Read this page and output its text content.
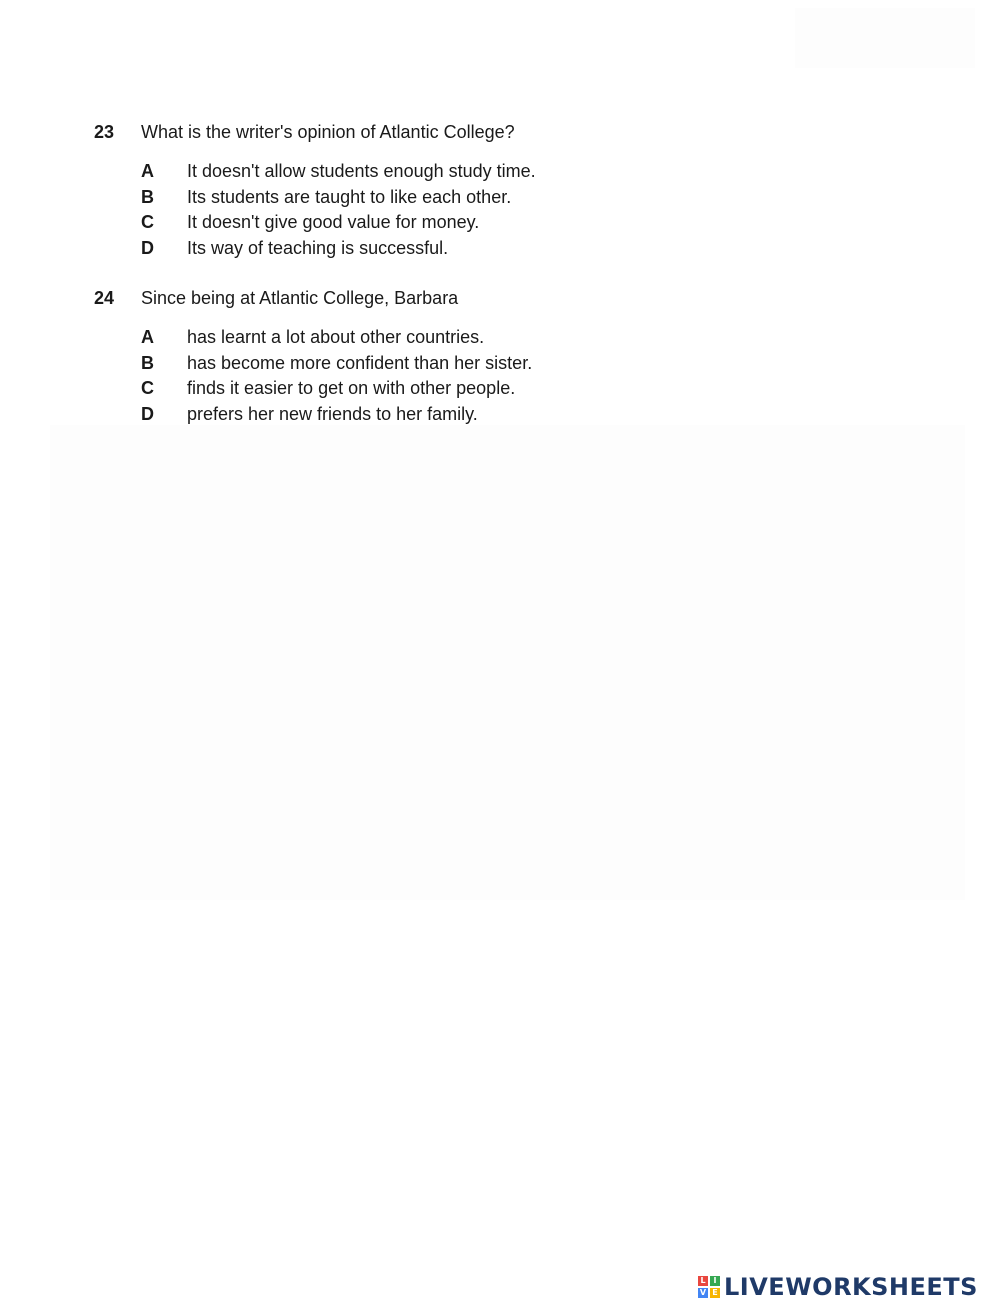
23	What is the writer's opinion of Atlantic College?
A	It doesn't allow students enough study time.
B	Its students are taught to like each other.
C	It doesn't give good value for money.
D	Its way of teaching is successful.
24	Since being at Atlantic College, Barbara
A	has learnt a lot about other countries.
B	has become more confident than her sister.
C	finds it easier to get on with other people.
D	prefers her new friends to her family.
L I
V E LIVEWORKSHEETS
